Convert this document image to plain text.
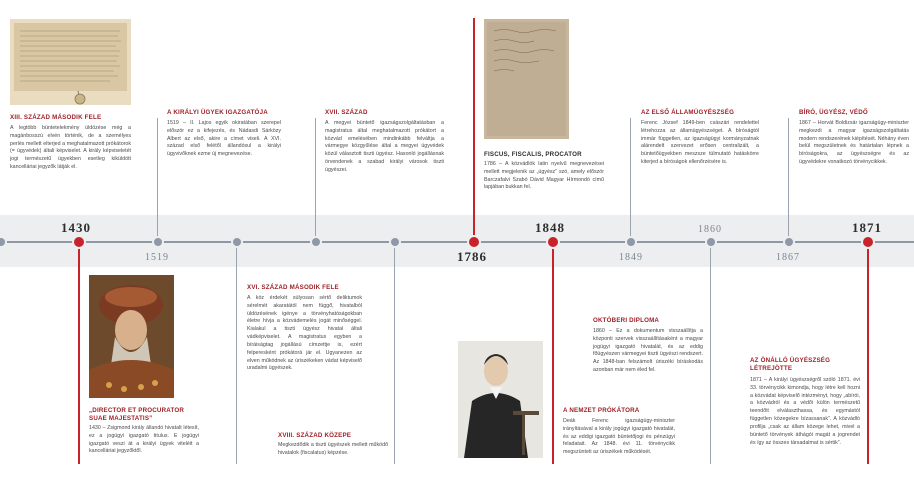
1430
1519	1786
1848
1849
1860
1867
1871
XIII. SZÁZAD MÁSODIK FELE
A legtöbb büntetelekmény üldözése még a magánbosszú elvén történik, de a személyes perlés mellett elterjed a meghatalmazott prókátorok (= ügyvédek) általi képviselet. A király képviseletét jogi természetű ügyekben esetleg kiküldött kancelláriai jegyzők látják el.
A KIRÁLYI ÜGYEK IGAZGATÓJA
1519 – II. Lajos egyik okiratában szerepel először ez a kifejezés, és Nádasdi Sárközy Albert az első, akire a címet viseli. A XVI. század első felétől állandósul a királyi ügyvivőknek ezme új megnevezése.
XVII. SZÁZAD
A megyei büntető igazságszolgáltatásban a magistratus által meghatalmazott prókátort a közvád emelésében mindinkább felváltja a vármegye közgyűlése által a megyei ügyvédek közül választott tiszti ügyész. Hasonló jogállásnak örvendenek a szabad királyi városok tiszti ügyészei.
FISCUS, FISCALIS, PROCATOR
1786 – A közvádlók latin nyelvű megnevezései mellett megjelenik az „ügyész” szó, amely először Barczafalvi Szabó Dávid Magyar Hírmondó című lapjában bukkan fel.
AZ ELSŐ ÁLLAMÜGYÉSZSÉG
Ferenc József 1849-ben császári rendelettel létrehozza az államügyészséget. A bíróságtól immár független, az igazságügyi kormányzatnak alárendelt szervezet erősen centralizált, a büntetőügyekben meszsze túlmutató hatáskörre kiterjed a bíróságok ellenőrzésére is.
BÍRÓ, ÜGYÉSZ, VÉDŐ
1867 – Horvát Boldizsár igazságügy-miniszter megkezdi a magyar igazságszolgáltatás modern rendszerének kiépítését. Néhány éven belül megszületnek és határtalan lépnek a bíróságokra, az ügyészségre és az ügyvédekre vonatkozó törvénycikkek.
„DIRECTOR ET PROCURATOR SUAE MAJESTATIS”
1430 – Zsigmond király állandó hivatalt létesít, ez a jogügyi igazgató titulus. E jogügyi igazgató veszi át a királyi ügyek viteléit a kancelláriai jegyzőktől.
XVI. SZÁZAD MÁSODIK FELE
A köz érdekét súlyosan sértő deliktumok sérelmét akaratától nem függő, hivatalból üldözésének igénye a törvényhatóságokban életre hívja a közvádemelés jogát minőséggel. Kialakul a tiszti ügyész hivatal általi vádképviselet. A magistratus egyben a bíráiságtag jogállású címzettje is, ezért felperesként prókátorá jár el. Ugyanezen az elven működnek az úriszékeken vádat képviselő uradalmi ügyészek.
XVIII. SZÁZAD KÖZEPE
Megkezdődik a tiszti ügyészek mellett működő hivatalok (fiscalatus) képzése.
OKTÓBERI DIPLOMA
1860 – Ez a dokumentum visszaállítja a központi szervek visszaállításaként a magyar jogügyi igazgató hivatalát, és az eddig főügyészen vármegyei tiszti ügyészi rendszert. Az 1848-ban felszámolt úriszéki bíráskodás azonban már nem éled fel.
A NEMZET PRÓKÁTORA
Deák Ferenc igazságügy-miniszter irányításával a király jogügyi igazgató hivatalát, és az eddigi igazgató büntetőjogi és pénzügyi feladatait. Az 1848. évi 11. törvénycikk megszünteti az úriszékek működését.
AZ ÖNÁLLÓ ÜGYÉSZSÉG LÉTREJÖTTE
1871 – A királyi ügyészségről szóló 1871. évi 33. törvénycikk kimondja, hogy létre kell hozni a közvádat képviselő intézményt, hogy „abírói, a közvádról és a védői külön természetű teendőit elválaszthassa, és egymástól független közegekre bízassanak”. A közvádló profilja „csak az állam közege lehet, mivel a büntető törvények áthágói magát a jogrendet és így az összes társadalmat is sértik”.
